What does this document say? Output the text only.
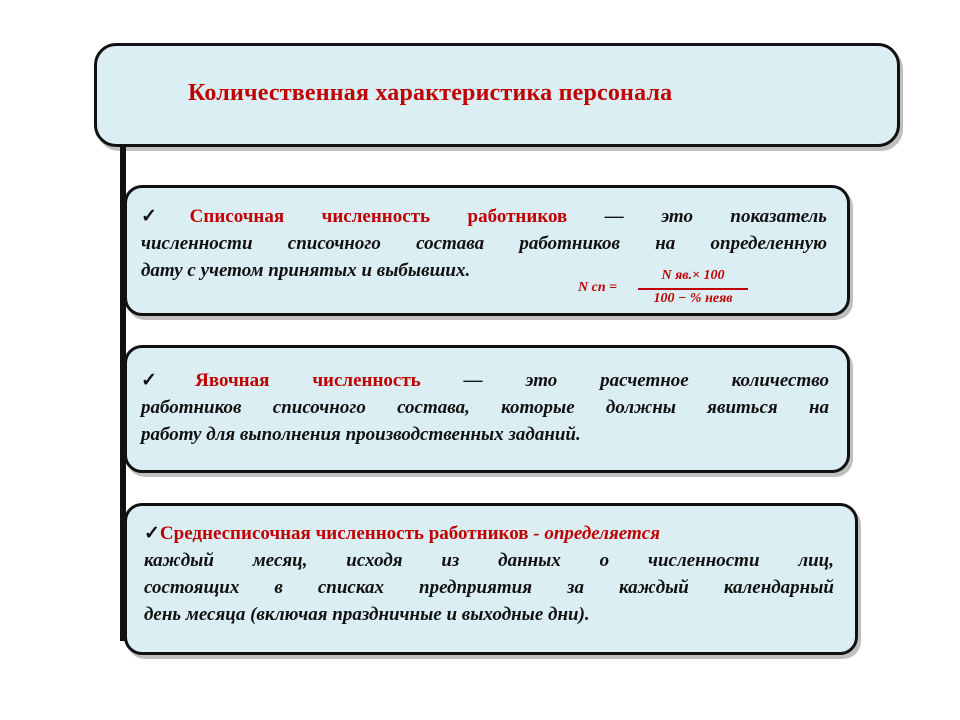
Количественная характеристика персонала
✓Списочная численность работников — это показатель
численности списочного состава работников на определенную
дату с учетом принятых и выбывших.
N сп =
N яв.× 100
100 − % неяв
✓Явочная численность — это расчетное количество
работников списочного состава, которые должны явиться на
работу для выполнения производственных заданий.
✓Среднесписочная численность работников - определяется
каждый месяц, исходя из данных о численности лиц,
состоящих в списках предприятия за каждый календарный
день месяца (включая праздничные и выходные дни).
